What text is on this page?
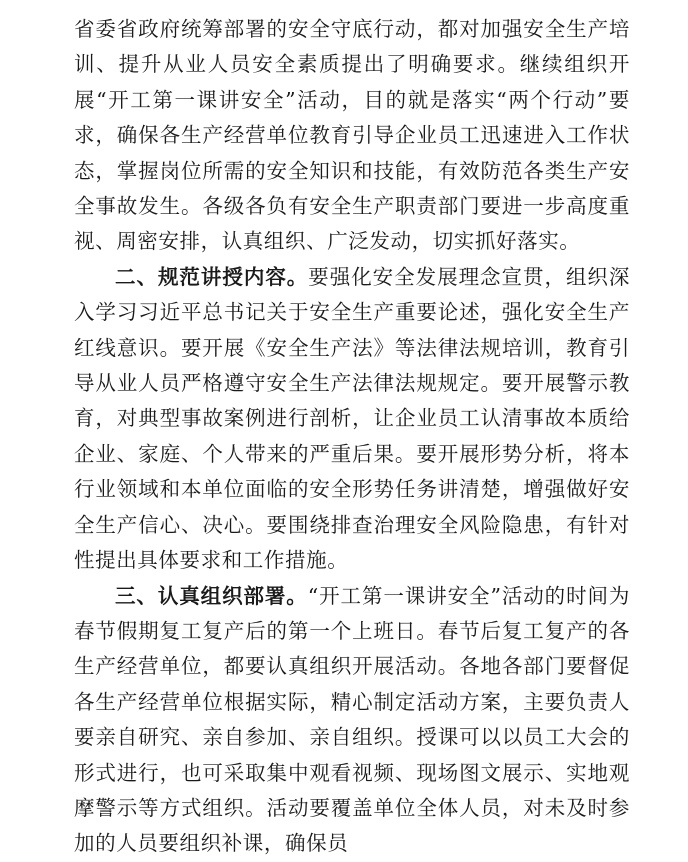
省委省政府统筹部署的安全守底行动，都对加强安全生产培训、提升从业人员安全素质提出了明确要求。继续组织开展“开工第一课讲安全”活动，目的就是落实“两个行动”要求，确保各生产经营单位教育引导企业员工迅速进入工作状态，掌握岗位所需的安全知识和技能，有效防范各类生产安全事故发生。各级各负有安全生产职责部门要进一步高度重视、周密安排，认真组织、广泛发动，切实抓好落实。

二、规范讲授内容。要强化安全发展理念宣贯，组织深入学习习近平总书记关于安全生产重要论述，强化安全生产红线意识。要开展《安全生产法》等法律法规培训，教育引导从业人员严格遵守安全生产法律法规规定。要开展警示教育，对典型事故案例进行剖析，让企业员工认清事故本质给企业、家庭、个人带来的严重后果。要开展形势分析，将本行业领域和本单位面临的安全形势任务讲清楚，增强做好安全生产信心、决心。要围绕排查治理安全风险隐患，有针对性提出具体要求和工作措施。

三、认真组织部署。“开工第一课讲安全”活动的时间为春节假期复工复产后的第一个上班日。春节后复工复产的各生产经营单位，都要认真组织开展活动。各地各部门要督促各生产经营单位根据实际，精心制定活动方案，主要负责人要亲自研究、亲自参加、亲自组织。授课可以以员工大会的形式进行，也可采取集中观看视频、现场图文展示、实地观摩警示等方式组织。活动要覆盖单位全体人员，对未及时参加的人员要组织补课，确保员
